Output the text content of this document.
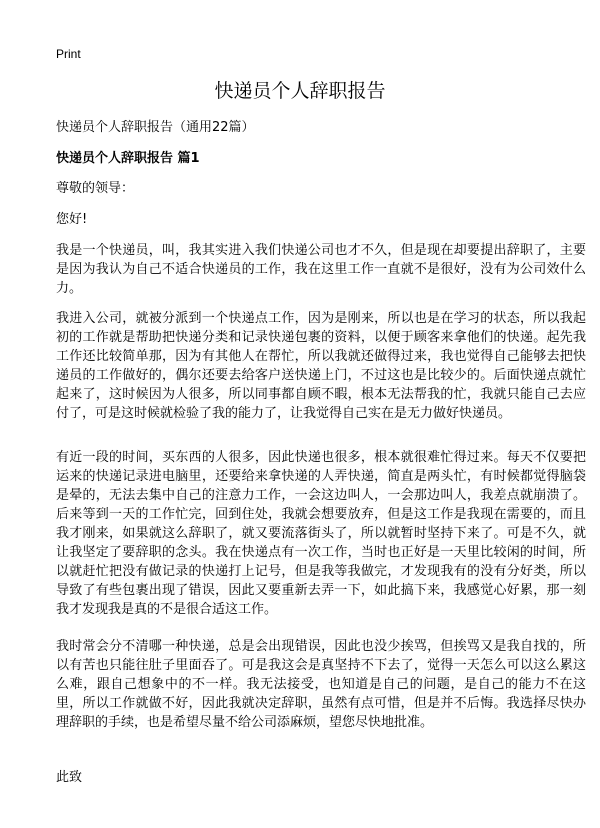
Print
快递员个人辞职报告
快递员个人辞职报告（通用22篇）
快递员个人辞职报告 篇1
尊敬的领导：
您好!

我是一个快递员，叫，我其实进入我们快递公司也才不久，但是现在却要提出辞职了，主要是因为我认为自己不适合快递员的工作，我在这里工作一直就不是很好，没有为公司效什么力。

我进入公司，就被分派到一个快递点工作，因为是刚来，所以也是在学习的状态，所以我起初的工作就是帮助把快递分类和记录快递包裹的资料，以便于顾客来拿他们的快递。起先我工作还比较简单那，因为有其他人在帮忙，所以我就还做得过来，我也觉得自己能够去把快递员的工作做好的，偶尔还要去给客户送快递上门，不过这也是比较少的。后面快递点就忙起来了，这时候因为人很多，所以同事都自顾不暇，根本无法帮我的忙，我就只能自己去应付了，可是这时候就检验了我的能力了，让我觉得自己实在是无力做好快递员。

有近一段的时间，买东西的人很多，因此快递也很多，根本就很难忙得过来。每天不仅要把运来的快递记录进电脑里，还要给来拿快递的人弄快递，简直是两头忙，有时候都觉得脑袋是晕的，无法去集中自己的注意力工作，一会这边叫人，一会那边叫人，我差点就崩溃了。后来等到一天的工作忙完，回到住处，我就会想要放弃，但是这工作是我现在需要的，而且我才刚来，如果就这么辞职了，就又要流落街头了，所以就暂时坚持下来了。可是不久，就让我坚定了要辞职的念头。我在快递点有一次工作，当时也正好是一天里比较闲的时间，所以就赶忙把没有做记录的快递打上记号，但是我等我做完，才发现我有的没有分好类，所以导致了有些包裹出现了错误，因此又要重新去弄一下，如此搞下来，我感觉心好累，那一刻我才发现我是真的不是很合适这工作。

我时常会分不清哪一种快递，总是会出现错误，因此也没少挨骂，但挨骂又是我自找的，所以有苦也只能往肚子里面吞了。可是我这会是真坚持不下去了，觉得一天怎么可以这么累这么难，跟自己想象中的不一样。我无法接受，也知道是自己的问题，是自己的能力不在这里，所以工作就做不好，因此我就决定辞职，虽然有点可惜，但是并不后悔。我选择尽快办理辞职的手续，也是希望尽量不给公司添麻烦，望您尽快地批准。

此致
